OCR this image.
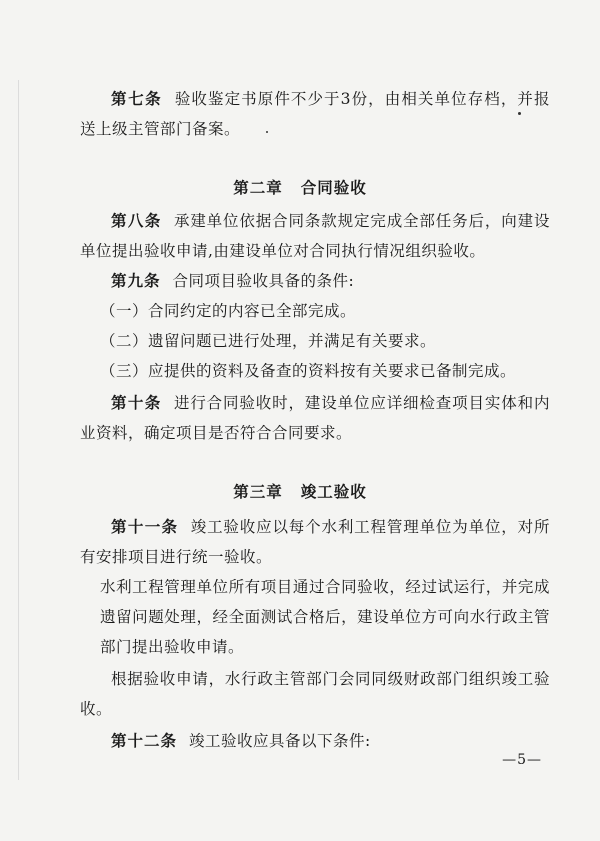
第七条 验收鉴定书原件不少于3份，由相关单位存档，并报送上级主管部门备案。

第二章 合同验收

第八条 承建单位依据合同条款规定完成全部任务后，向建设单位提出验收申请,由建设单位对合同执行情况组织验收。

第九条 合同项目验收具备的条件:

（一）合同约定的内容已全部完成。

（二）遗留问题已进行处理，并满足有关要求。

（三）应提供的资料及备查的资料按有关要求已备制完成。

第十条 进行合同验收时，建设单位应详细检查项目实体和内业资料，确定项目是否符合合同要求。

第三章 竣工验收

第十一条 竣工验收应以每个水利工程管理单位为单位，对所有安排项目进行统一验收。

水利工程管理单位所有项目通过合同验收，经过试运行，并完成遗留问题处理，经全面测试合格后，建设单位方可向水行政主管部门提出验收申请。

根据验收申请，水行政主管部门会同同级财政部门组织竣工验收。

第十二条 竣工验收应具备以下条件:

—5—
